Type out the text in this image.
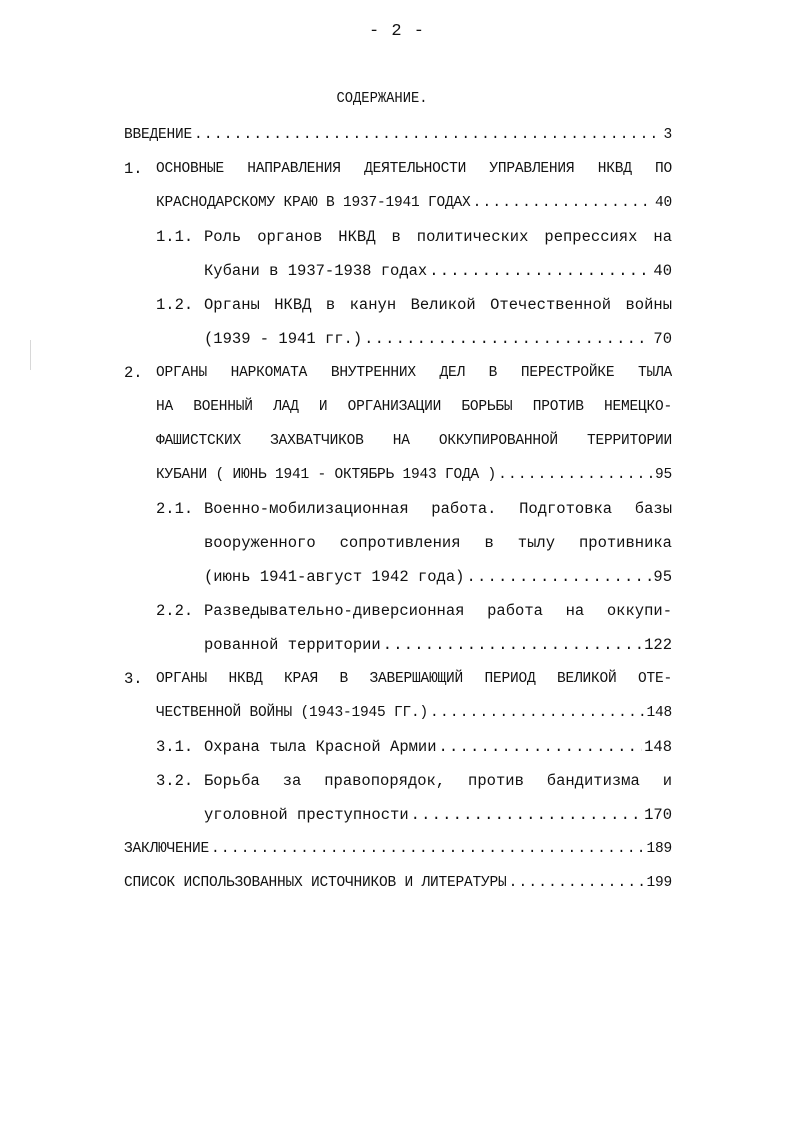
- 2 -
СОДЕРЖАНИЕ.
ВВЕДЕНИЕ .....	3
1. ОСНОВНЫЕ НАПРАВЛЕНИЯ ДЕЯТЕЛЬНОСТИ УПРАВЛЕНИЯ НКВД ПО
КРАСНОДАРСКОМУ КРАЮ В 1937-1941 ГОДАХ .....	40
1.1. Роль органов НКВД в политических репрессиях на
Кубани в 1937-1938 годах .....	40
1.2. Органы НКВД в канун Великой Отечественной войны
(1939 - 1941 гг.) .....	70
2. ОРГАНЫ НАРКОМАТА ВНУТРЕННИХ ДЕЛ В ПЕРЕСТРОЙКЕ ТЫЛА
НА ВОЕННЫЙ ЛАД И ОРГАНИЗАЦИИ БОРЬБЫ ПРОТИВ НЕМЕЦКО-
ФАШИСТСКИХ ЗАХВАТЧИКОВ НА ОККУПИРОВАННОЙ ТЕРРИТОРИИ
КУБАНИ ( ИЮНЬ 1941 - ОКТЯБРЬ 1943 ГОДА ) .....	95
2.1. Военно-мобилизационная работа. Подготовка базы
вооруженного сопротивления в тылу противника
(июнь 1941-август 1942 года) .....	95
2.2. Разведывательно-диверсионная работа на оккупи-
рованной территории .....	122
3. ОРГАНЫ НКВД КРАЯ В ЗАВЕРШАЮЩИЙ ПЕРИОД ВЕЛИКОЙ ОТЕ-
ЧЕСТВЕННОЙ ВОЙНЫ (1943-1945 ГГ.) .....	148
3.1. Охрана тыла Красной Армии .....	148
3.2. Борьба за правопорядок, против бандитизма и
уголовной преступности .....	170
ЗАКЛЮЧЕНИЕ .....	189
СПИСОК ИСПОЛЬЗОВАННЫХ ИСТОЧНИКОВ И ЛИТЕРАТУРЫ .....	199
